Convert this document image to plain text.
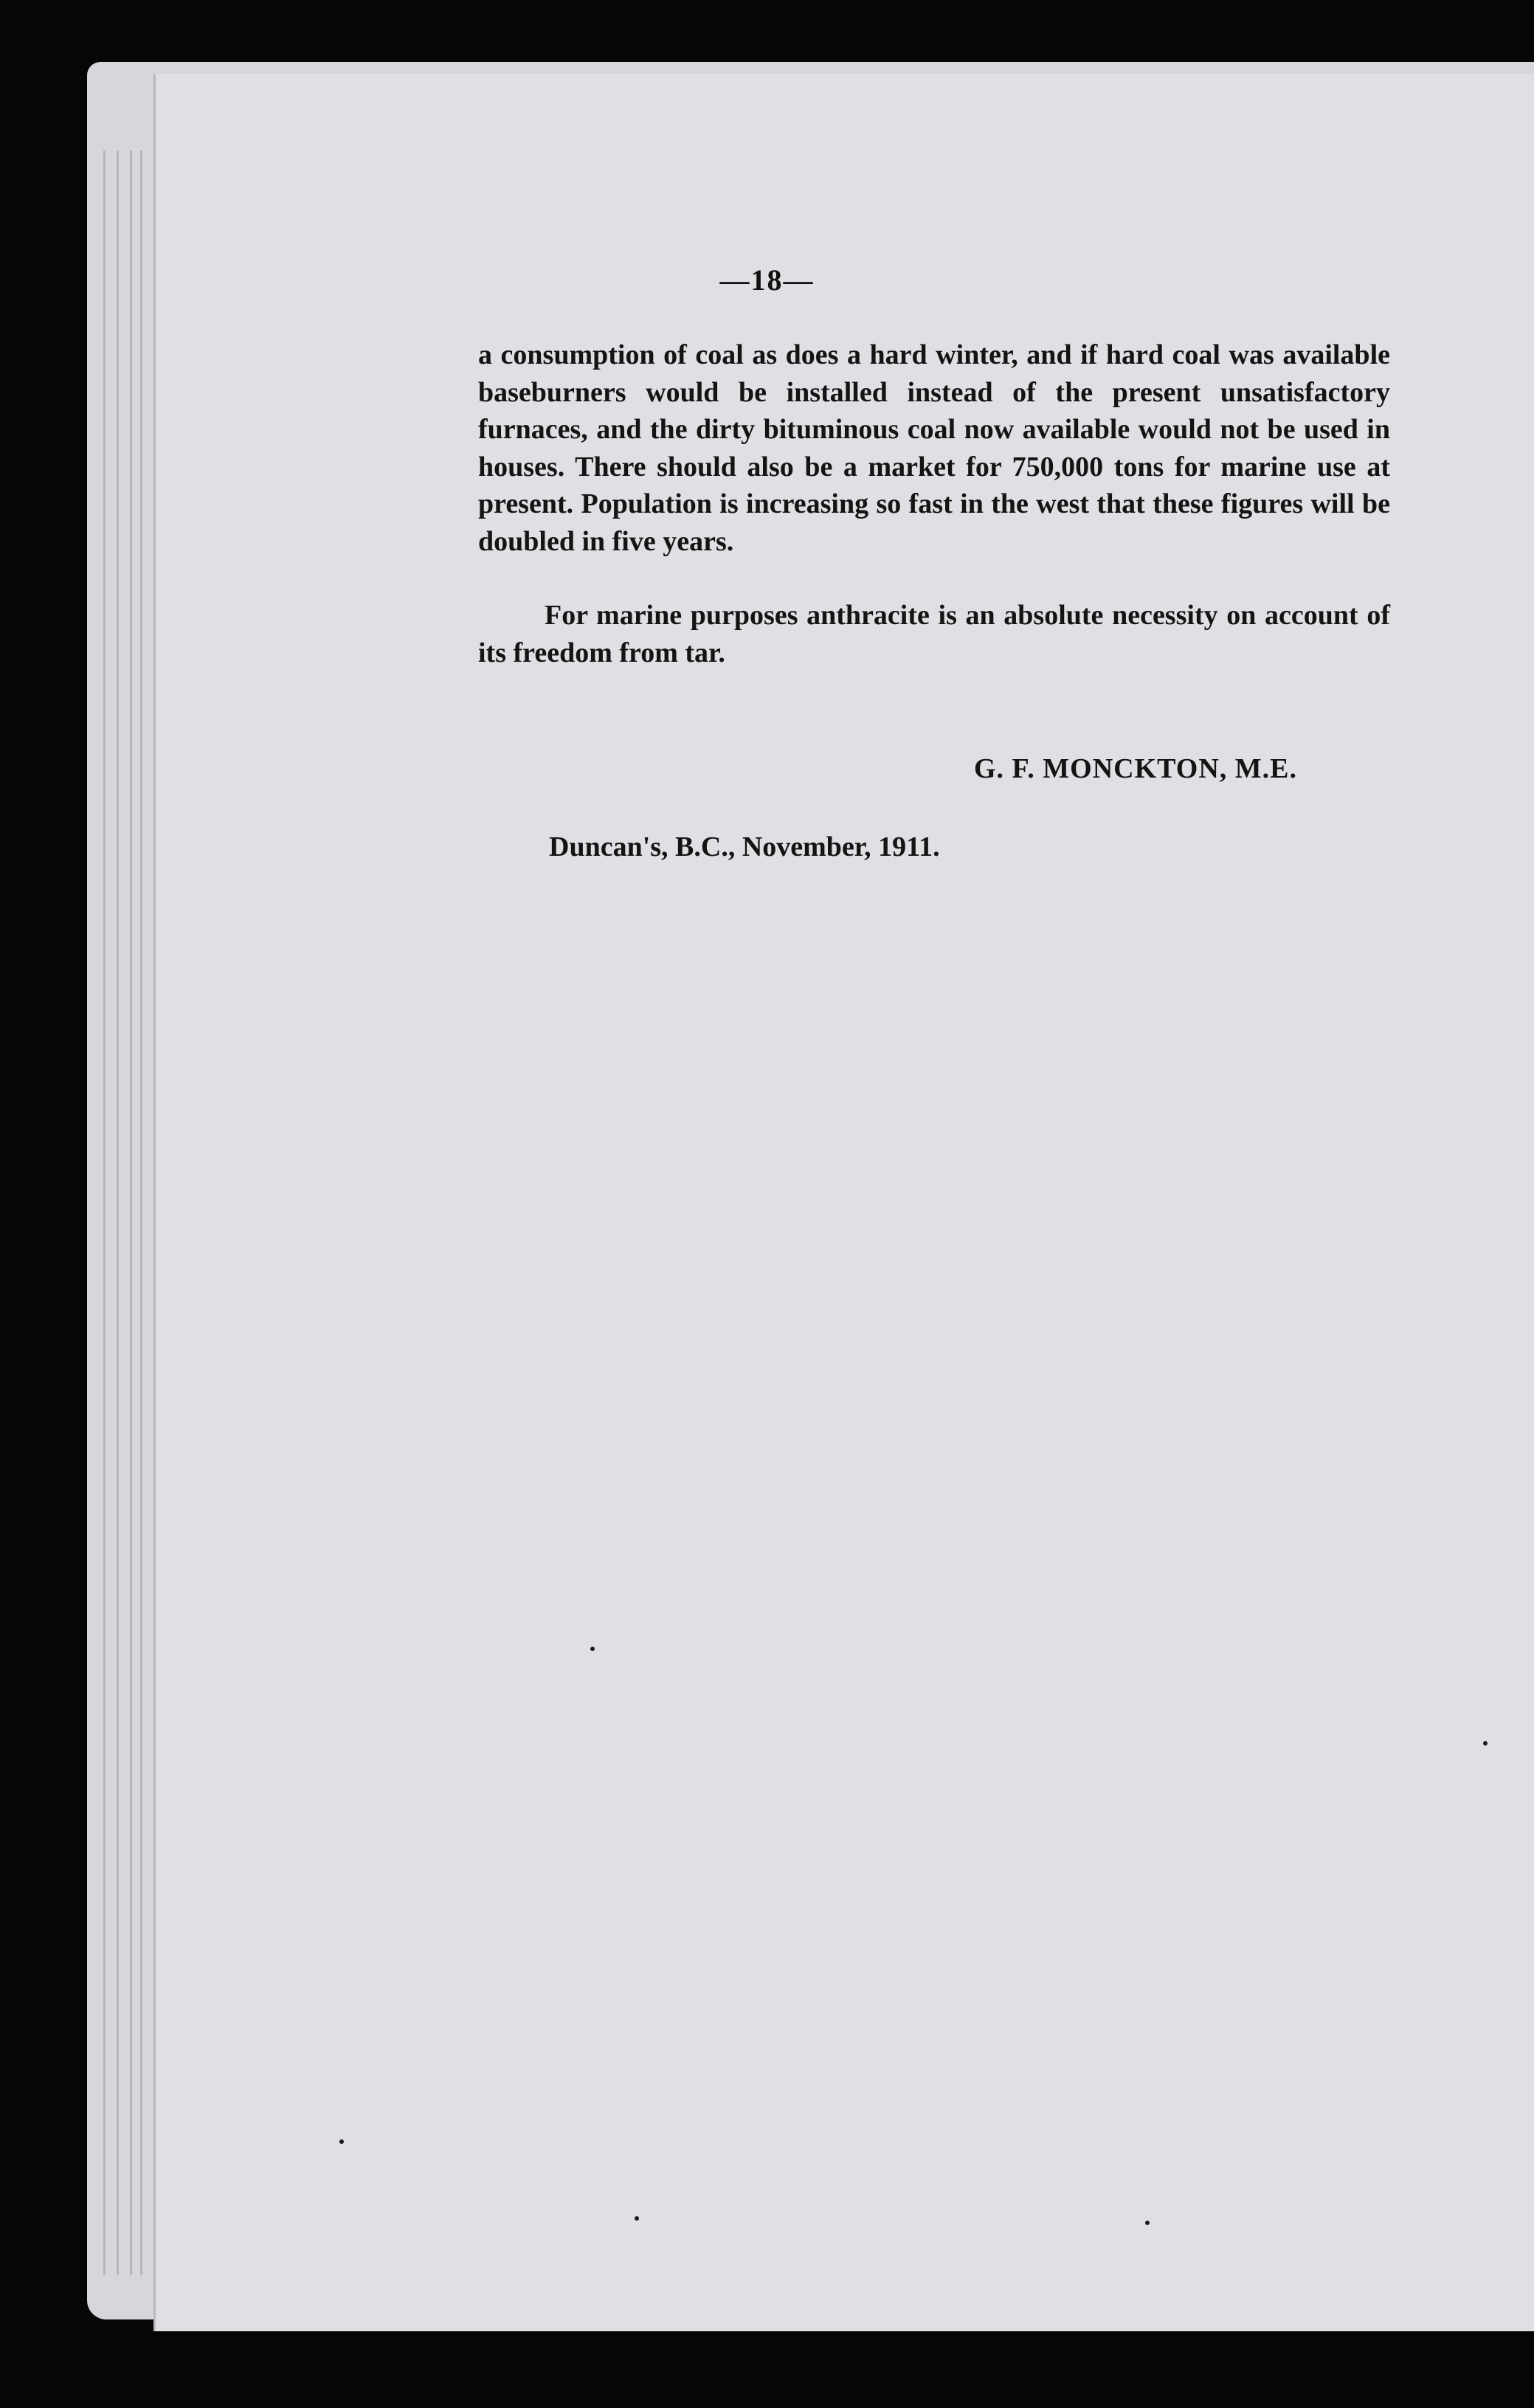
—18—

a consumption of coal as does a hard winter, and if hard coal was available baseburners would be installed instead of the present unsatisfactory furnaces, and the dirty bituminous coal now available would not be used in houses. There should also be a market for 750,000 tons for marine use at present. Population is increasing so fast in the west that these figures will be doubled in five years.

For marine purposes anthracite is an absolute necessity on account of its freedom from tar.

G. F. MONCKTON, M.E.
Duncan's, B.C., November, 1911.
